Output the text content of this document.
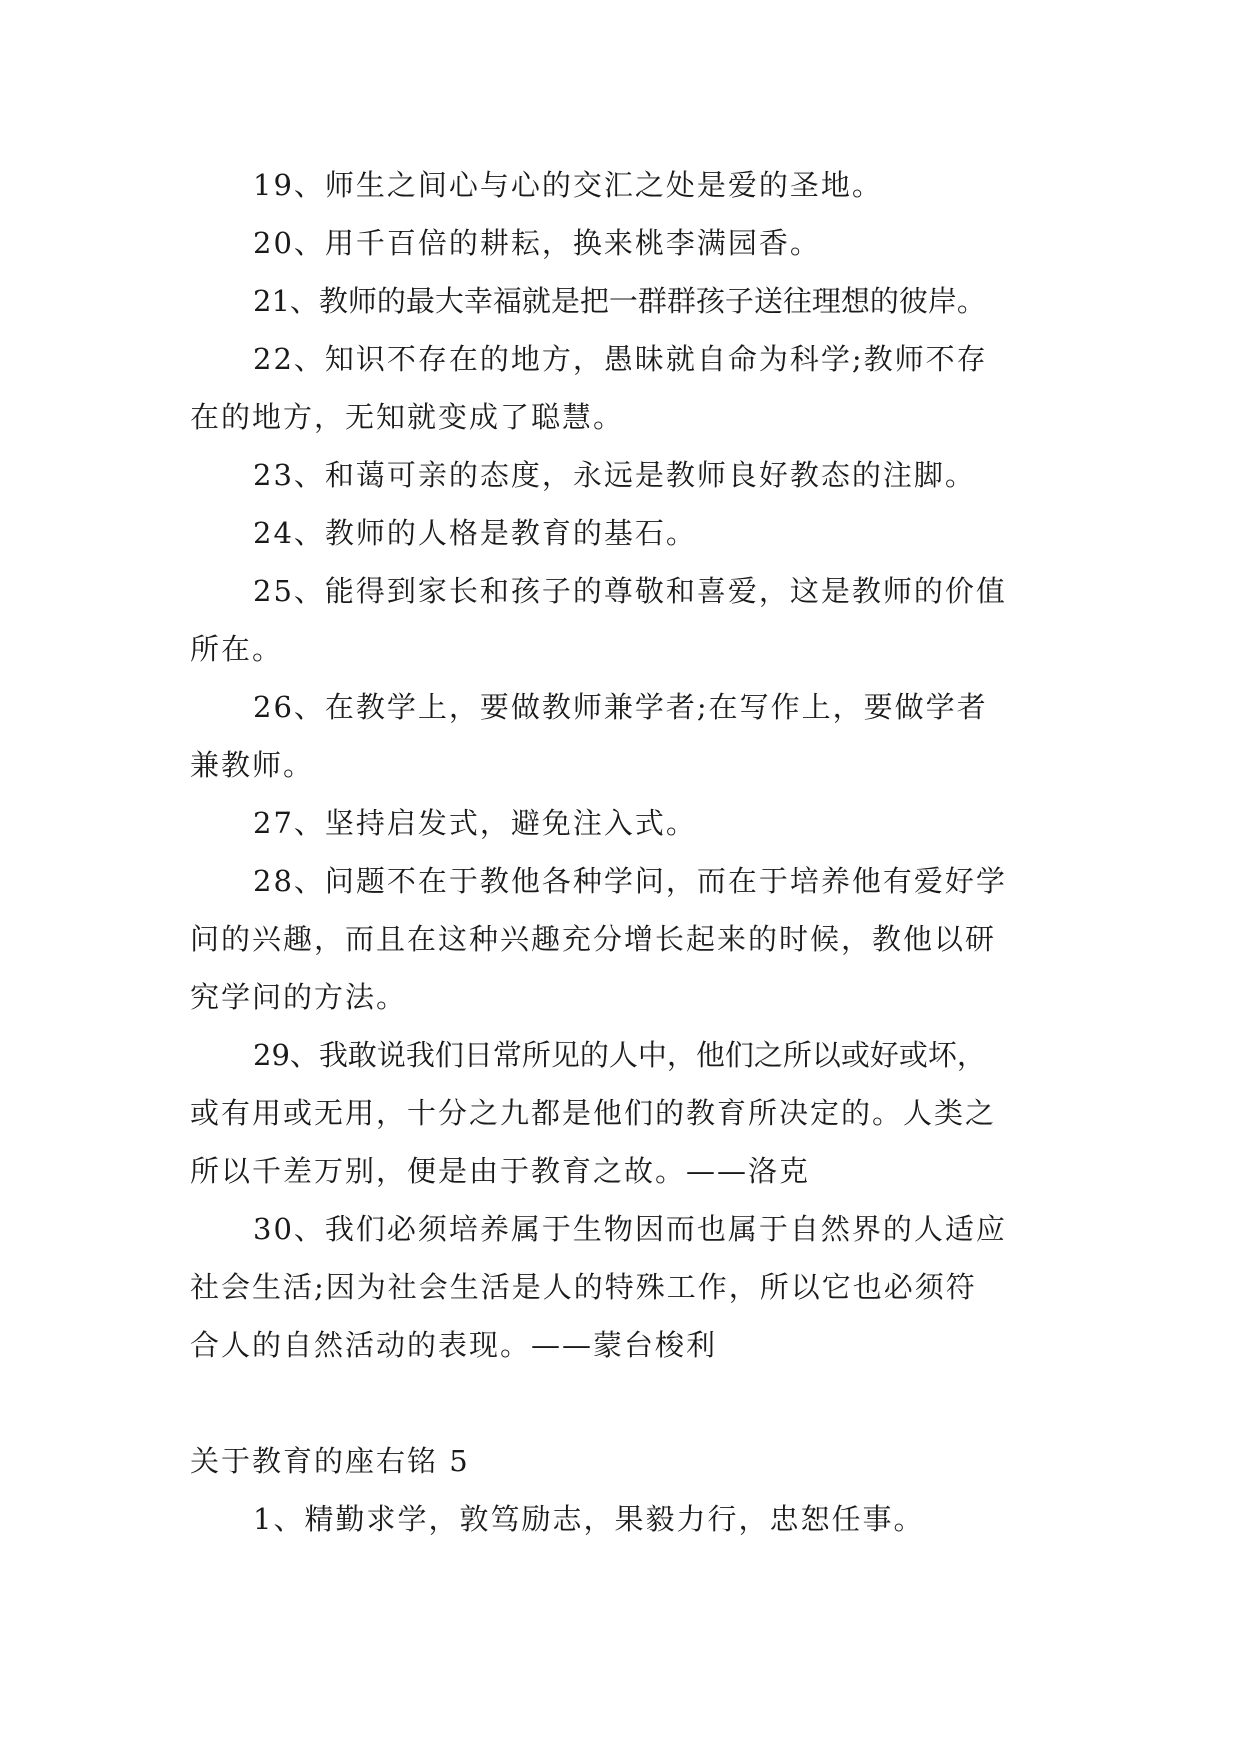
19、师生之间心与心的交汇之处是爱的圣地。
20、用千百倍的耕耘，换来桃李满园香。
21、教师的最大幸福就是把一群群孩子送往理想的彼岸。
22、知识不存在的地方，愚昧就自命为科学;教师不存
在的地方，无知就变成了聪慧。
23、和蔼可亲的态度，永远是教师良好教态的注脚。
24、教师的人格是教育的基石。
25、能得到家长和孩子的尊敬和喜爱，这是教师的价值
所在。
26、在教学上，要做教师兼学者;在写作上，要做学者
兼教师。
27、坚持启发式，避免注入式。
28、问题不在于教他各种学问，而在于培养他有爱好学
问的兴趣，而且在这种兴趣充分增长起来的时候，教他以研
究学问的方法。
29、我敢说我们日常所见的人中，他们之所以或好或坏，
或有用或无用，十分之九都是他们的教育所决定的。人类之
所以千差万别，便是由于教育之故。——洛克
30、我们必须培养属于生物因而也属于自然界的人适应
社会生活;因为社会生活是人的特殊工作，所以它也必须符
合人的自然活动的表现。——蒙台梭利
关于教育的座右铭 5
1、精勤求学，敦笃励志，果毅力行，忠恕任事。
